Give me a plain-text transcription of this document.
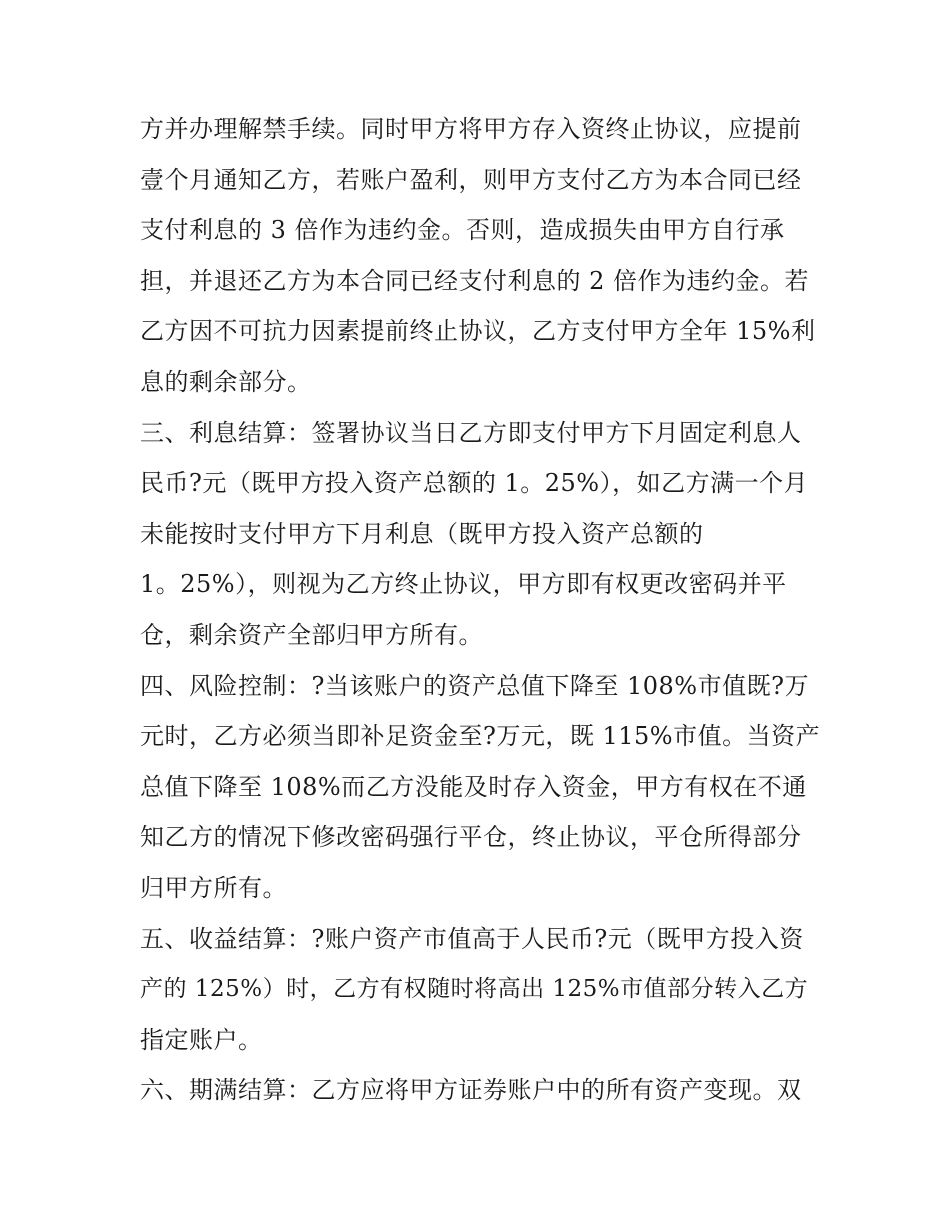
方并办理解禁手续。同时甲方将甲方存入资终止协议，应提前
壹个月通知乙方，若账户盈利，则甲方支付乙方为本合同已经
支付利息的 3 倍作为违约金。否则，造成损失由甲方自行承
担，并退还乙方为本合同已经支付利息的 2 倍作为违约金。若
乙方因不可抗力因素提前终止协议，乙方支付甲方全年 15%利
息的剩余部分。
三、利息结算：签署协议当日乙方即支付甲方下月固定利息人
民币?元（既甲方投入资产总额的 1。25%），如乙方满一个月
未能按时支付甲方下月利息（既甲方投入资产总额的
1。25%），则视为乙方终止协议，甲方即有权更改密码并平
仓，剩余资产全部归甲方所有。
四、风险控制：?当该账户的资产总值下降至 108%市值既?万
元时，乙方必须当即补足资金至?万元，既 115%市值。当资产
总值下降至 108%而乙方没能及时存入资金，甲方有权在不通
知乙方的情况下修改密码强行平仓，终止协议，平仓所得部分
归甲方所有。
五、收益结算：?账户资产市值高于人民币?元（既甲方投入资
产的 125%）时，乙方有权随时将高出 125%市值部分转入乙方
指定账户。
六、期满结算：乙方应将甲方证券账户中的所有资产变现。双
